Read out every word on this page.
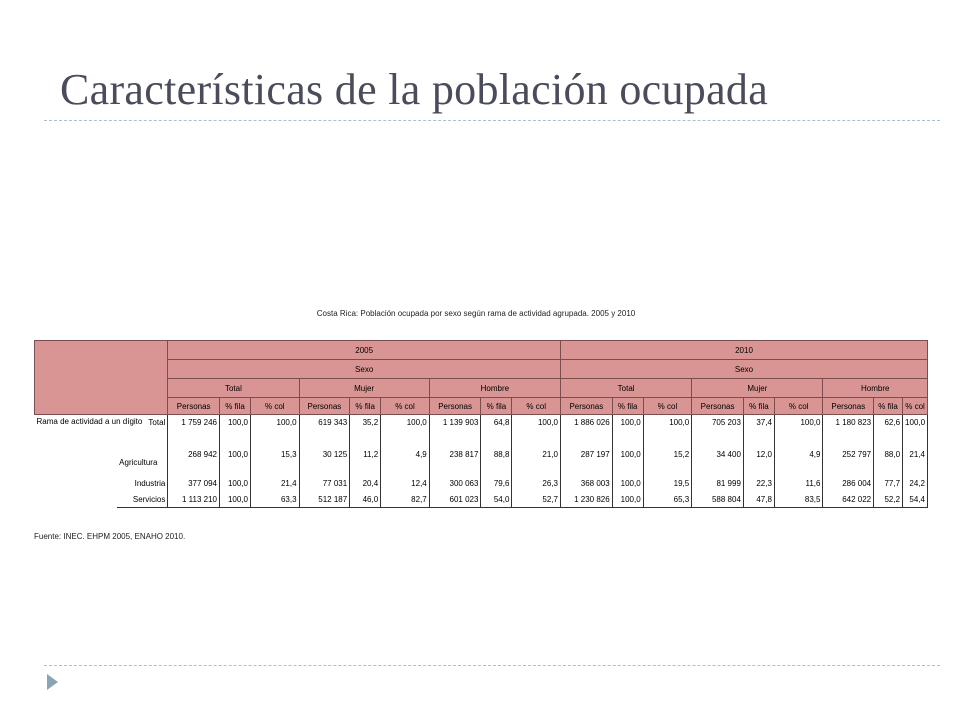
Características de la población ocupada
Costa Rica: Población ocupada por sexo según rama de actividad agrupada. 2005 y 2010
		2005									2010								
		Sexo									Sexo								
		Total			Mujer			Hombre			Total			Mujer			Hombre		
		Personas	% fila	% col	Personas	% fila	% col	Personas	% fila	% col	Personas	% fila	% col	Personas	% fila	% col	Personas	% fila	% col
Rama de actividad a un dígito	Total	1 759 246	100,0	100,0	619 343	35,2	100,0	1 139 903	64,8	100,0	1 886 026	100,0	100,0	705 203	37,4	100,0	1 180 823	62,6	100,0
	Agricultura	268 942	100,0	15,3	30 125	11,2	4,9	238 817	88,8	21,0	287 197	100,0	15,2	34 400	12,0	4,9	252 797	88,0	21,4
	Industria	377 094	100,0	21,4	77 031	20,4	12,4	300 063	79,6	26,3	368 003	100,0	19,5	81 999	22,3	11,6	286 004	77,7	24,2
	Servicios	1 113 210	100,0	63,3	512 187	46,0	82,7	601 023	54,0	52,7	1 230 826	100,0	65,3	588 804	47,8	83,5	642 022	52,2	54,4
Fuente: INEC. EHPM 2005, ENAHO 2010.
